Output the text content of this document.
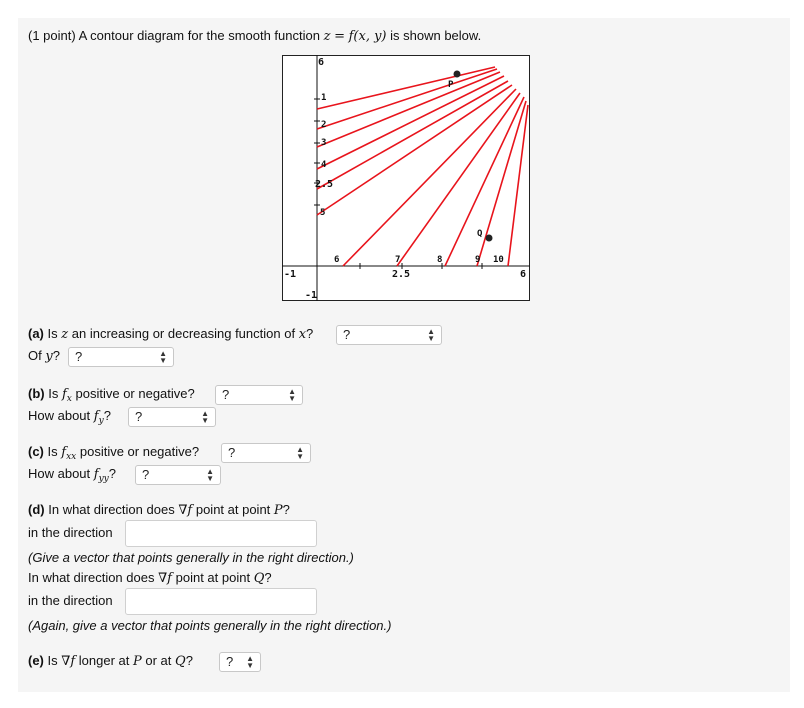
(1 point) A contour diagram for the smooth function z = f(x, y) is shown below.
(a) Is z an increasing or decreasing function of x?	?	▲
▼
Of y?	?	▲
▼
(b) Is $f_x$ positive or negative?	?	▲
▼
How about $f_y$?	?	▲
▼
(c) Is $f_{xx}$ positive or negative?	?	▲
▼
How about $f_{yy}$?	?	▲
▼
(d) In what direction does ∇f point at point P?
in the direction
(Give a vector that points generally in the right direction.)
In what direction does ∇f point at point Q?
in the direction
(Again, give a vector that points generally in the right direction.)
(e) Is ∇f longer at P or at Q?	? ▲
▼
1
2
3
4
5
6	7	8	9 10
6
2.5
-1
-1	2.5	6
P
Q
